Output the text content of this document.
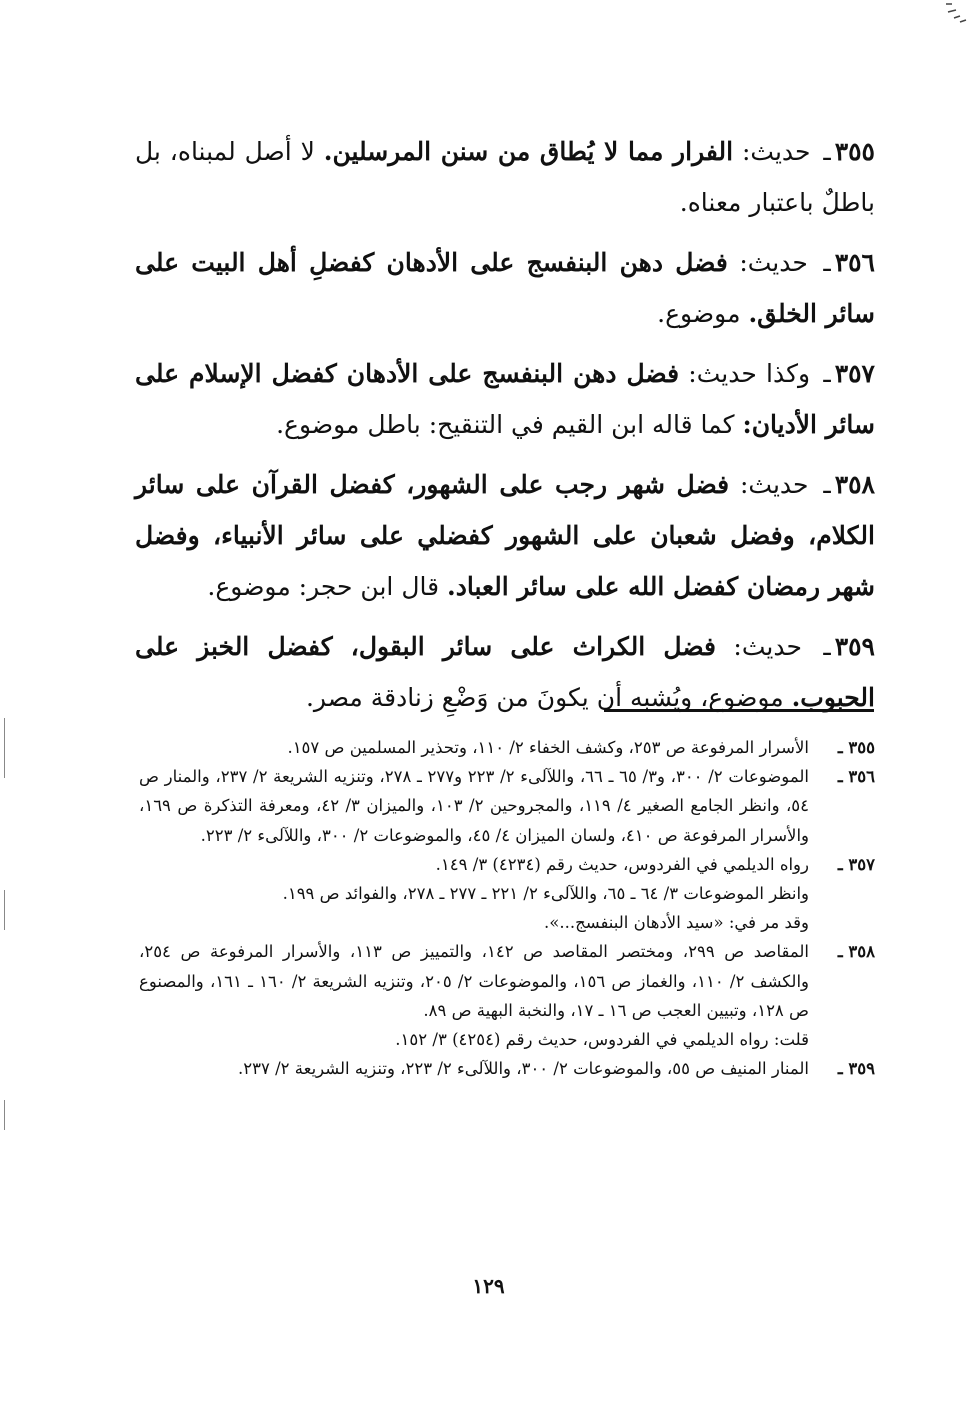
٣٥٥ـ حديث: الفرار مما لا يُطاق من سنن المرسلين. لا أصل لمبناه، بل باطلٌ باعتبار معناه.

٣٥٦ـ حديث: فضل دهن البنفسج على الأدهان كفضلِ أهل البيت على سائر الخلق. موضوع.

٣٥٧ـ وكذا حديث: فضل دهن البنفسج على الأدهان كفضل الإسلام على سائر الأديان: كما قاله ابن القيم في التنقيح: باطل موضوع.

٣٥٨ـ حديث: فضل شهر رجب على الشهور، كفضل القرآن على سائر الكلام، وفضل شعبان على الشهور كفضلي على سائر الأنبياء، وفضل شهر رمضان كفضل الله على سائر العباد. قال ابن حجر: موضوع.

٣٥٩ـ حديث: فضل الكراث على سائر البقول، كفضل الخبز على الحبوب. موضوع، ويُشبه أن يكونَ من وَضْعِ زنادقة مصر.

٣٥٥ ـ
الأسرار المرفوعة ص ٢٥٣، وكشف الخفاء ٢/ ١١٠، وتحذير المسلمين ص ١٥٧.

٣٥٦ ـ
الموضوعات ٢/ ٣٠٠، و٣/ ٦٥ ـ ٦٦، واللآلىء ٢/ ٢٢٣ و٢٧٧ ـ ٢٧٨، وتنزيه الشريعة ٢/ ٢٣٧، والمنار ص ٥٤، وانظر الجامع الصغير ٤/ ١١٩، والمجروحين ٢/ ١٠٣، والميزان ٣/ ٤٢، ومعرفة التذكرة ص ١٦٩، والأسرار المرفوعة ص ٤١٠، ولسان الميزان ٤/ ٤٥، والموضوعات ٢/ ٣٠٠، واللآلىء ٢/ ٢٢٣.

٣٥٧ ـ
رواه الديلمي في الفردوس، حديث رقم (٤٢٣٤) ٣/ ١٤٩.
وانظر الموضوعات ٣/ ٦٤ ـ ٦٥، واللآلىء ٢/ ٢٢١ ـ ٢٧٧ ـ ٢٧٨، والفوائد ص ١٩٩.
وقد مر في: «سيد الأدهان البنفسج...».

٣٥٨ ـ
المقاصد ص ٢٩٩، ومختصر المقاصد ص ١٤٢، والتمييز ص ١١٣، والأسرار المرفوعة ص ٢٥٤، والكشف ٢/ ١١٠، والغماز ص ١٥٦، والموضوعات ٢/ ٢٠٥، وتنزيه الشريعة ٢/ ١٦٠ ـ ١٦١، والمصنوع ص ١٢٨، وتبيين العجب ص ١٦ ـ ١٧، والنخبة البهية ص ٨٩.
قلت: رواه الديلمي في الفردوس، حديث رقم (٤٢٥٤) ٣/ ١٥٢.

٣٥٩ ـ
المنار المنيف ص ٥٥، والموضوعات ٢/ ٣٠٠، واللآلىء ٢/ ٢٢٣، وتنزيه الشريعة ٢/ ٢٣٧.

١٢٩
